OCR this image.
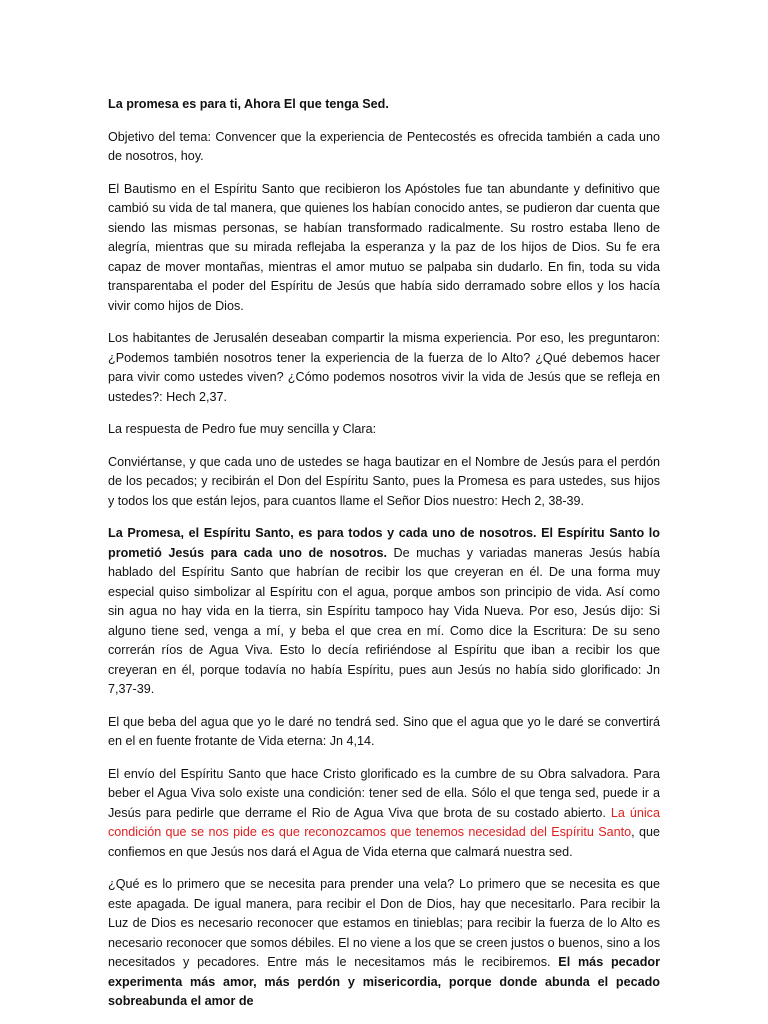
La promesa es para ti, Ahora El que tenga Sed.

Objetivo del tema: Convencer que la experiencia de Pentecostés es ofrecida también a cada uno de nosotros, hoy.

El Bautismo en el Espíritu Santo que recibieron los Apóstoles fue tan abundante y definitivo que cambió su vida de tal manera, que quienes los habían conocido antes, se pudieron dar cuenta que siendo las mismas personas, se habían transformado radicalmente. Su rostro estaba lleno de alegría, mientras que su mirada reflejaba la esperanza y la paz de los hijos de Dios. Su fe era capaz de mover montañas, mientras el amor mutuo se palpaba sin dudarlo. En fin, toda su vida transparentaba el poder del Espíritu de Jesús que había sido derramado sobre ellos y los hacía vivir como hijos de Dios.

Los habitantes de Jerusalén deseaban compartir la misma experiencia. Por eso, les preguntaron: ¿Podemos también nosotros tener la experiencia de la fuerza de lo Alto? ¿Qué debemos hacer para vivir como ustedes viven? ¿Cómo podemos nosotros vivir la vida de Jesús que se refleja en ustedes?: Hech 2,37.

La respuesta de Pedro fue muy sencilla y Clara:

Conviértanse, y que cada uno de ustedes se haga bautizar en el Nombre de Jesús para el perdón de los pecados; y recibirán el Don del Espíritu Santo, pues la Promesa es para ustedes, sus hijos y todos los que están lejos, para cuantos llame el Señor Dios nuestro: Hech 2, 38-39.

La Promesa, el Espíritu Santo, es para todos y cada uno de nosotros. El Espíritu Santo lo prometió Jesús para cada uno de nosotros. De muchas y variadas maneras Jesús había hablado del Espíritu Santo que habrían de recibir los que creyeran en él. De una forma muy especial quiso simbolizar al Espíritu con el agua, porque ambos son principio de vida. Así como sin agua no hay vida en la tierra, sin Espíritu tampoco hay Vida Nueva. Por eso, Jesús dijo: Si alguno tiene sed, venga a mí, y beba el que crea en mí. Como dice la Escritura: De su seno correrán ríos de Agua Viva. Esto lo decía refiriéndose al Espíritu que iban a recibir los que creyeran en él, porque todavía no había Espíritu, pues aun Jesús no había sido glorificado: Jn 7,37-39.

El que beba del agua que yo le daré no tendrá sed. Sino que el agua que yo le daré se convertirá en el en fuente frotante de Vida eterna: Jn 4,14.

El envío del Espíritu Santo que hace Cristo glorificado es la cumbre de su Obra salvadora. Para beber el Agua Viva solo existe una condición: tener sed de ella. Sólo el que tenga sed, puede ir a Jesús para pedirle que derrame el Rio de Agua Viva que brota de su costado abierto. La única condición que se nos pide es que reconozcamos que tenemos necesidad del Espíritu Santo, que confiemos en que Jesús nos dará el Agua de Vida eterna que calmará nuestra sed.

¿Qué es lo primero que se necesita para prender una vela? Lo primero que se necesita es que este apagada. De igual manera, para recibir el Don de Dios, hay que necesitarlo. Para recibir la Luz de Dios es necesario reconocer que estamos en tinieblas; para recibir la fuerza de lo Alto es necesario reconocer que somos débiles. El no viene a los que se creen justos o buenos, sino a los necesitados y pecadores. Entre más le necesitamos más le recibiremos. El más pecador experimenta más amor, más perdón y misericordia, porque donde abunda el pecado sobreabunda el amor de
